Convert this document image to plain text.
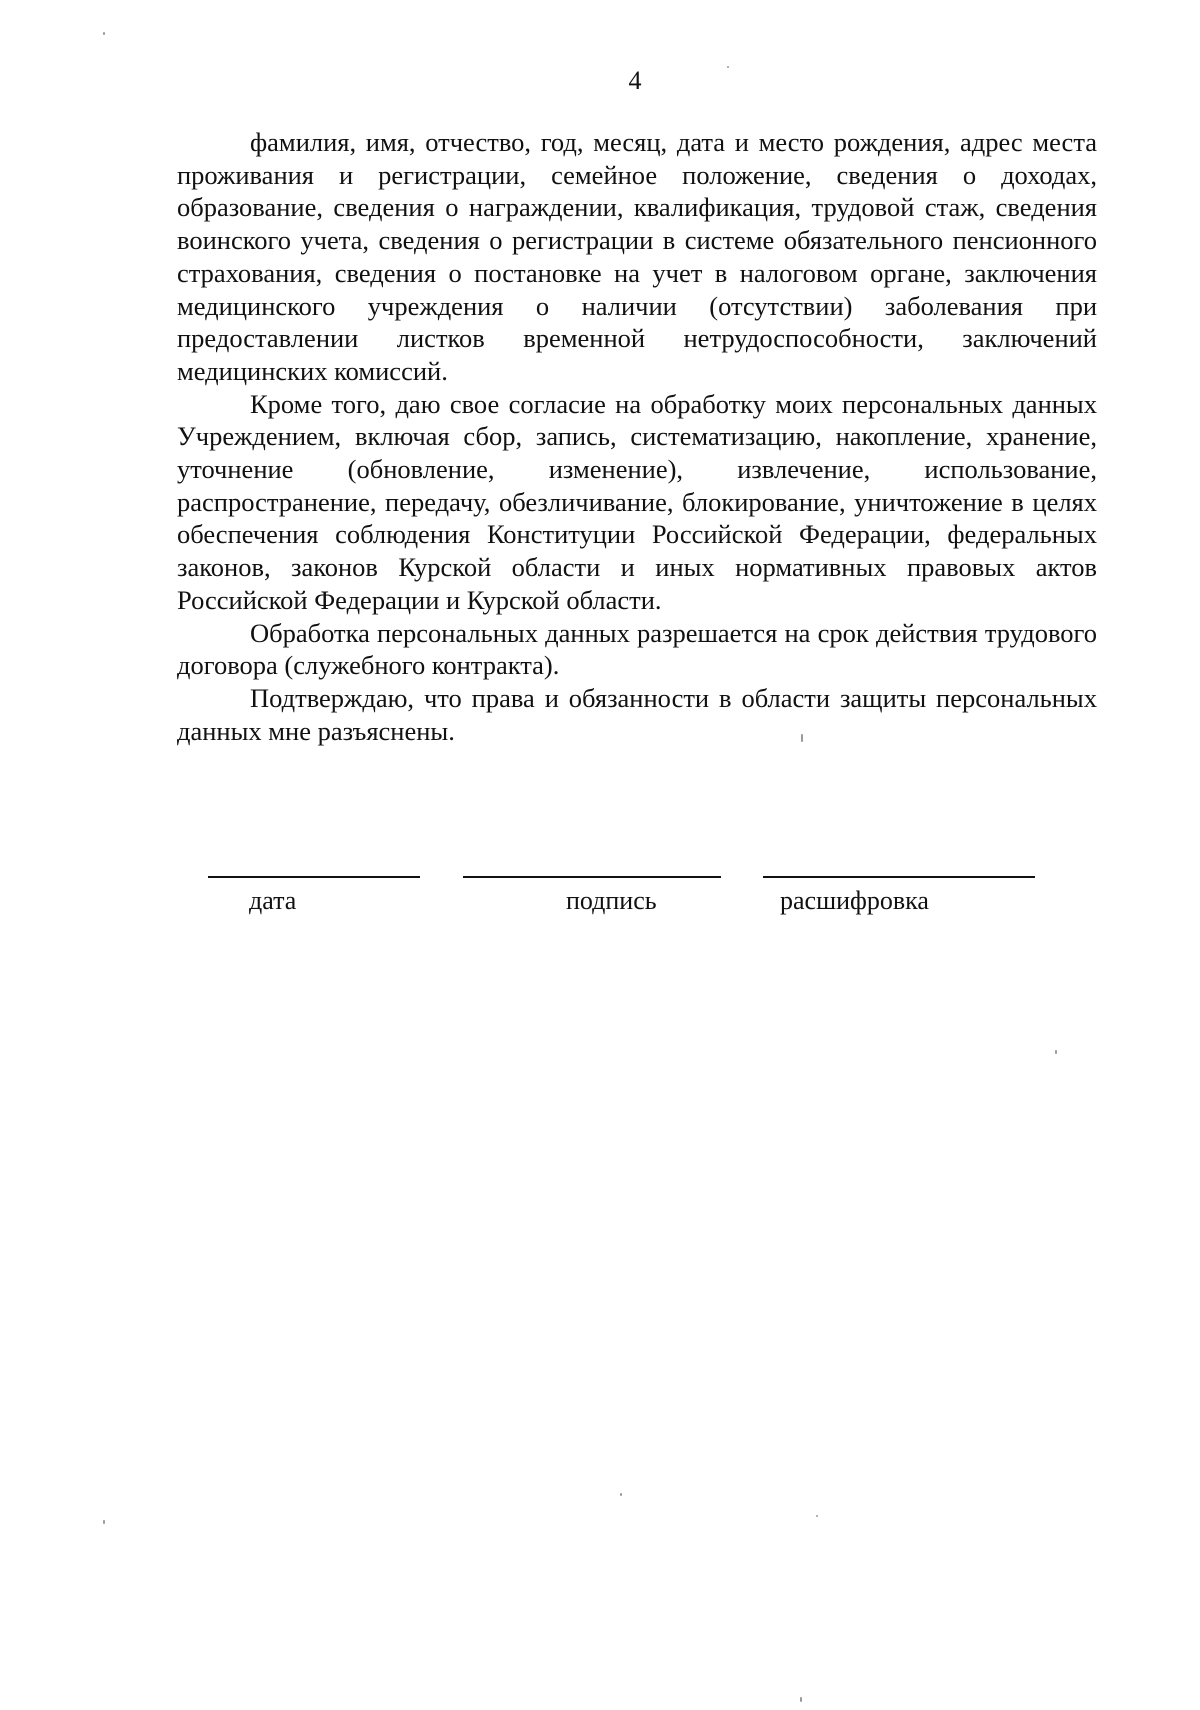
4

фамилия, имя, отчество, год, месяц, дата и место рождения, адрес места проживания и регистрации, семейное положение, сведения о доходах, образование, сведения о награждении, квалификация, трудовой стаж, сведения воинского учета, сведения о регистрации в системе обязательного пенсионного страхования, сведения о постановке на учет в налоговом органе, заключения медицинского учреждения о наличии (отсутствии) заболевания при предоставлении листков временной нетрудоспособности, заключений медицинских комиссий.

Кроме того, даю свое согласие на обработку моих персональных данных Учреждением, включая сбор, запись, систематизацию, накопление, хранение, уточнение (обновление, изменение), извлечение, использование, распространение, передачу, обезличивание, блокирование, уничтожение в целях обеспечения соблюдения Конституции Российской Федерации, федеральных законов, законов Курской области и иных нормативных правовых актов Российской Федерации и Курской области.

Обработка персональных данных разрешается на срок действия трудового договора (служебного контракта).

Подтверждаю, что права и обязанности в области защиты персональных данных мне разъяснены.

дата	подпись	расшифровка
